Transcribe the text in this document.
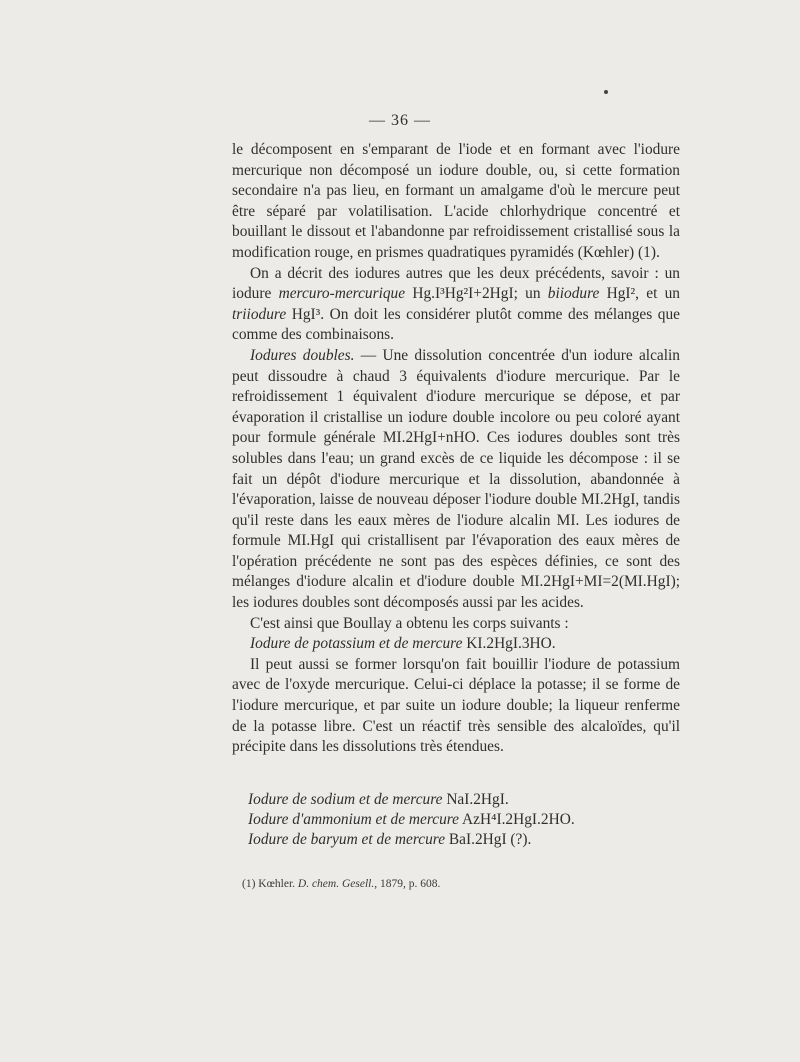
— 36 —

le décomposent en s'emparant de l'iode et en formant avec l'iodure mercurique non décomposé un iodure double, ou, si cette formation secondaire n'a pas lieu, en formant un amalgame d'où le mercure peut être séparé par volatilisation. L'acide chlorhydrique concentré et bouillant le dissout et l'abandonne par refroidissement cristallisé sous la modification rouge, en prismes quadratiques pyramidés (Kœhler) (1).

On a décrit des iodures autres que les deux précédents, savoir : un iodure mercuro-mercurique Hg.I³Hg²I+2HgI; un biiodure HgI², et un triiodure HgI³. On doit les considérer plutôt comme des mélanges que comme des combinaisons.

Iodures doubles. — Une dissolution concentrée d'un iodure alcalin peut dissoudre à chaud 3 équivalents d'iodure mercurique. Par le refroidissement 1 équivalent d'iodure mercurique se dépose, et par évaporation il cristallise un iodure double incolore ou peu coloré ayant pour formule générale MI.2HgI+nHO. Ces iodures doubles sont très solubles dans l'eau; un grand excès de ce liquide les décompose : il se fait un dépôt d'iodure mercurique et la dissolution, abandonnée à l'évaporation, laisse de nouveau déposer l'iodure double MI.2HgI, tandis qu'il reste dans les eaux mères de l'iodure alcalin MI. Les iodures de formule MI.HgI qui cristallisent par l'évaporation des eaux mères de l'opération précédente ne sont pas des espèces définies, ce sont des mélanges d'iodure alcalin et d'iodure double MI.2HgI+MI=2(MI.HgI); les iodures doubles sont décomposés aussi par les acides.

C'est ainsi que Boullay a obtenu les corps suivants :

Iodure de potassium et de mercure KI.2HgI.3HO.

Il peut aussi se former lorsqu'on fait bouillir l'iodure de potassium avec de l'oxyde mercurique. Celui-ci déplace la potasse; il se forme de l'iodure mercurique, et par suite un iodure double; la liqueur renferme de la potasse libre. C'est un réactif très sensible des alcaloïdes, qu'il précipite dans les dissolutions très étendues.

Iodure de sodium et de mercure NaI.2HgI.
Iodure d'ammonium et de mercure AzH⁴I.2HgI.2HO.
Iodure de baryum et de mercure BaI.2HgI (?).
(1) Kœhler. D. chem. Gesell., 1879, p. 608.
